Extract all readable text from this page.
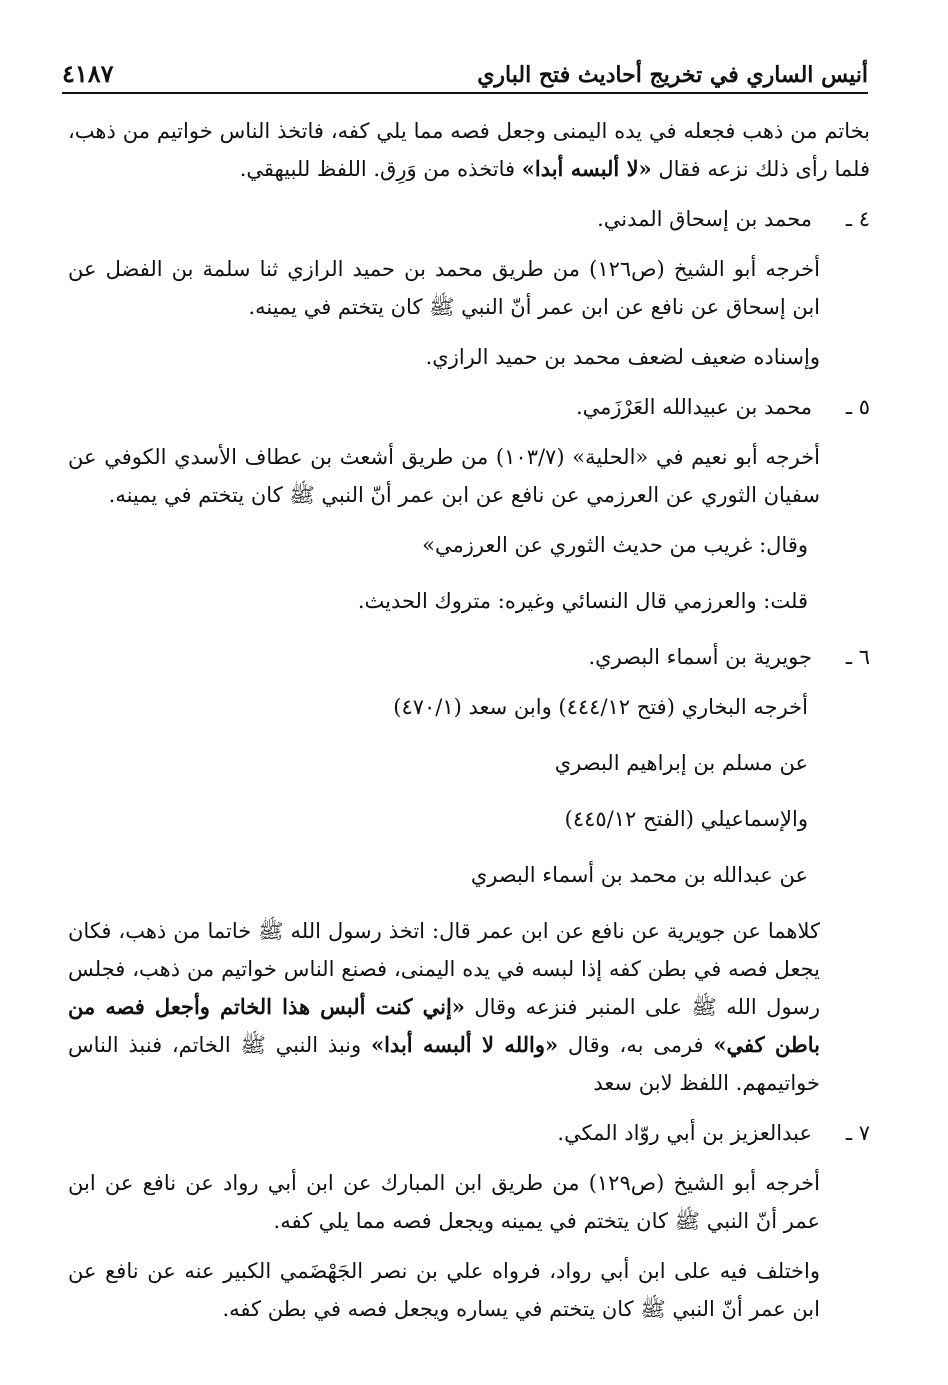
أنيس الساري في تخريج أحاديث فتح الباري
٤١٨٧

بخاتم من ذهب فجعله في يده اليمنى وجعل فصه مما يلي كفه، فاتخذ الناس خواتيم من ذهب، فلما رأى ذلك نزعه فقال «لا ألبسه أبدا» فاتخذه من وَرِق. اللفظ للبيهقي.

٤ ـمحمد بن إسحاق المدني.

أخرجه أبو الشيخ (ص١٢٦) من طريق محمد بن حميد الرازي ثنا سلمة بن الفضل عن ابن إسحاق عن نافع عن ابن عمر أنّ النبي ﷺ كان يتختم في يمينه.

وإسناده ضعيف لضعف محمد بن حميد الرازي.

٥ ـمحمد بن عبيدالله العَرْزَمي.

أخرجه أبو نعيم في «الحلية» (١٠٣/٧) من طريق أشعث بن عطاف الأسدي الكوفي عن سفيان الثوري عن العرزمي عن نافع عن ابن عمر أنّ النبي ﷺ كان يتختم في يمينه.

وقال: غريب من حديث الثوري عن العرزمي»

قلت: والعرزمي قال النسائي وغيره: متروك الحديث.

٦ ـجويرية بن أسماء البصري.

أخرجه البخاري (فتح ٤٤٤/١٢) وابن سعد (٤٧٠/١)

عن مسلم بن إبراهيم البصري

والإسماعيلي (الفتح ٤٤٥/١٢)

عن عبدالله بن محمد بن أسماء البصري

كلاهما عن جويرية عن نافع عن ابن عمر قال: اتخذ رسول الله ﷺ خاتما من ذهب، فكان يجعل فصه في بطن كفه إذا لبسه في يده اليمنى، فصنع الناس خواتيم من ذهب، فجلس رسول الله ﷺ على المنبر فنزعه وقال «إني كنت ألبس هذا الخاتم وأجعل فصه من باطن كفي» فرمى به، وقال «والله لا ألبسه أبدا» ونبذ النبي ﷺ الخاتم، فنبذ الناس خواتيمهم. اللفظ لابن سعد

٧ ـعبدالعزيز بن أبي روّاد المكي.

أخرجه أبو الشيخ (ص١٢٩) من طريق ابن المبارك عن ابن أبي رواد عن نافع عن ابن عمر أنّ النبي ﷺ كان يتختم في يمينه ويجعل فصه مما يلي كفه.

واختلف فيه على ابن أبي رواد، فرواه علي بن نصر الجَهْضَمي الكبير عنه عن نافع عن ابن عمر أنّ النبي ﷺ كان يتختم في يساره ويجعل فصه في بطن كفه.
